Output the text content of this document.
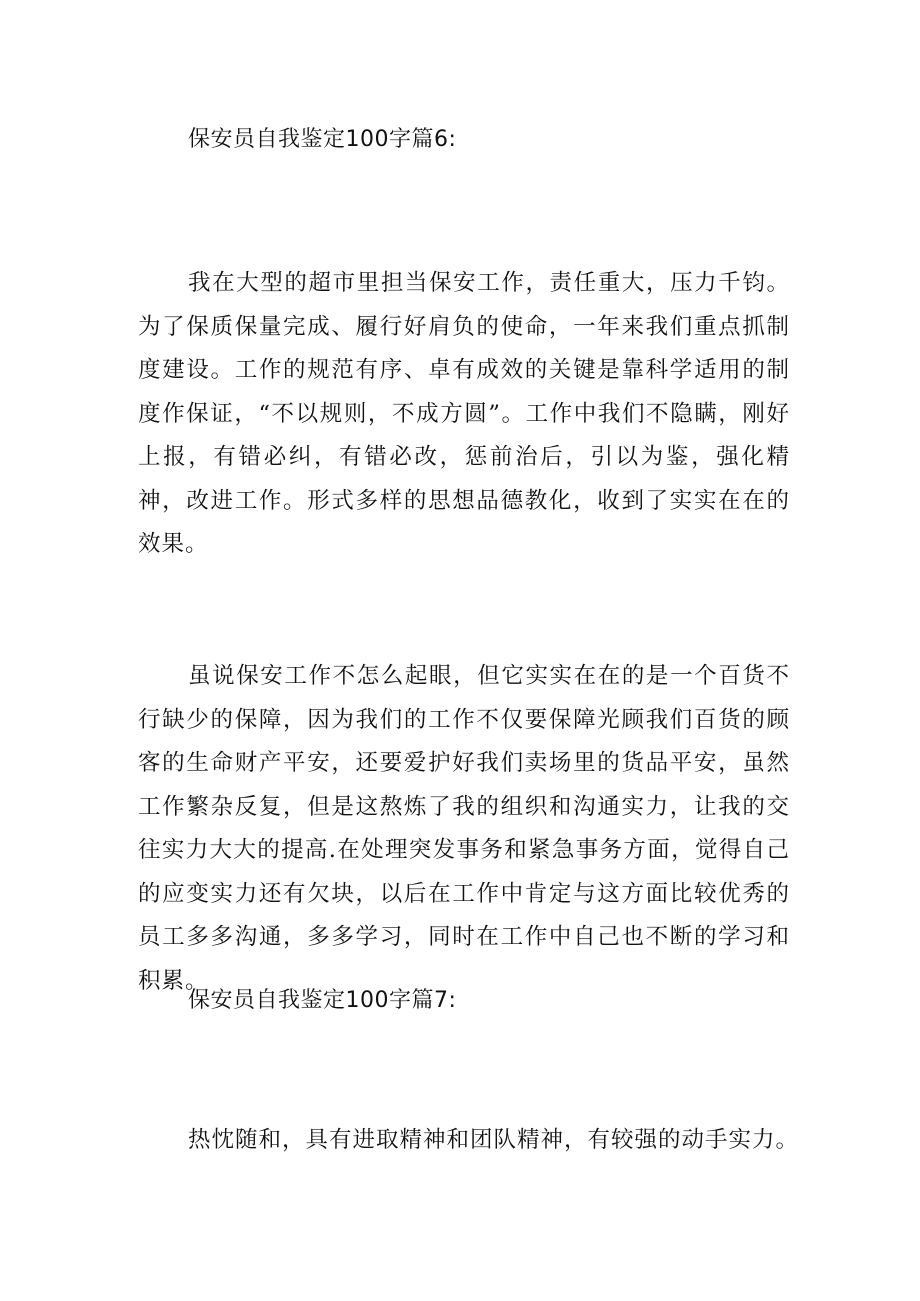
保安员自我鉴定100字篇6:

我在大型的超市里担当保安工作，责任重大，压力千钧。为了保质保量完成、履行好肩负的使命，一年来我们重点抓制度建设。工作的规范有序、卓有成效的关键是靠科学适用的制度作保证，“不以规则，不成方圆”。工作中我们不隐瞒，刚好上报，有错必纠，有错必改，惩前治后，引以为鉴，强化精神，改进工作。形式多样的思想品德教化，收到了实实在在的效果。

虽说保安工作不怎么起眼，但它实实在在的是一个百货不行缺少的保障，因为我们的工作不仅要保障光顾我们百货的顾客的生命财产平安，还要爱护好我们卖场里的货品平安，虽然工作繁杂反复，但是这熬炼了我的组织和沟通实力，让我的交往实力大大的提高.在处理突发事务和紧急事务方面，觉得自己的应变实力还有欠块，以后在工作中肯定与这方面比较优秀的员工多多沟通，多多学习，同时在工作中自己也不断的学习和积累。

保安员自我鉴定100字篇7:

热忱随和，具有进取精神和团队精神，有较强的动手实力。
